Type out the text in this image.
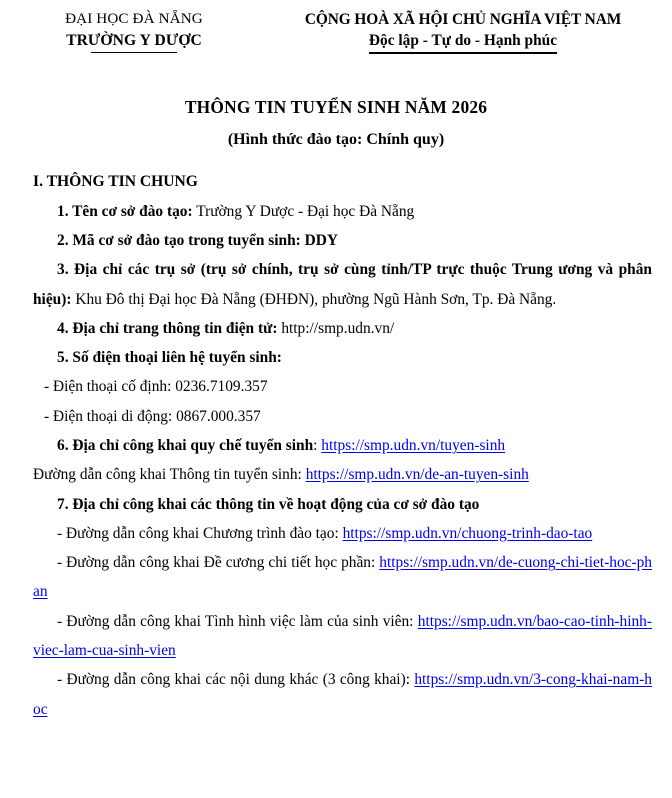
ĐẠI HỌC ĐÀ NẴNG
TRƯỜNG Y DƯỢC
CỘNG HOÀ XÃ HỘI CHỦ NGHĨA VIỆT NAM
Độc lập - Tự do - Hạnh phúc
THÔNG TIN TUYỂN SINH NĂM 2026
(Hình thức đào tạo: Chính quy)
I. THÔNG TIN CHUNG
1. Tên cơ sở đào tạo: Trường Y Dược - Đại học Đà Nẵng
2. Mã cơ sở đào tạo trong tuyển sinh: DDY
3. Địa chỉ các trụ sở (trụ sở chính, trụ sở cùng tỉnh/TP trực thuộc Trung ương và phân hiệu): Khu Đô thị Đại học Đà Nẵng (ĐHĐN), phường Ngũ Hành Sơn, Tp. Đà Nẵng.
4. Địa chỉ trang thông tin điện tử: http://smp.udn.vn/
5. Số điện thoại liên hệ tuyển sinh:
- Điện thoại cố định: 0236.7109.357
- Điện thoại di động: 0867.000.357
6. Địa chỉ công khai quy chế tuyển sinh: https://smp.udn.vn/tuyen-sinh
Đường dẫn công khai Thông tin tuyển sinh: https://smp.udn.vn/de-an-tuyen-sinh
7. Địa chỉ công khai các thông tin về hoạt động của cơ sở đào tạo
- Đường dẫn công khai Chương trình đào tạo: https://smp.udn.vn/chuong-trinh-dao-tao
- Đường dẫn công khai Đề cương chi tiết học phần: https://smp.udn.vn/de-cuong-chi-tiet-hoc-phan
- Đường dẫn công khai Tình hình việc làm của sinh viên: https://smp.udn.vn/bao-cao-tinh-hinh-viec-lam-cua-sinh-vien
- Đường dẫn công khai các nội dung khác (3 công khai): https://smp.udn.vn/3-cong-khai-nam-hoc
